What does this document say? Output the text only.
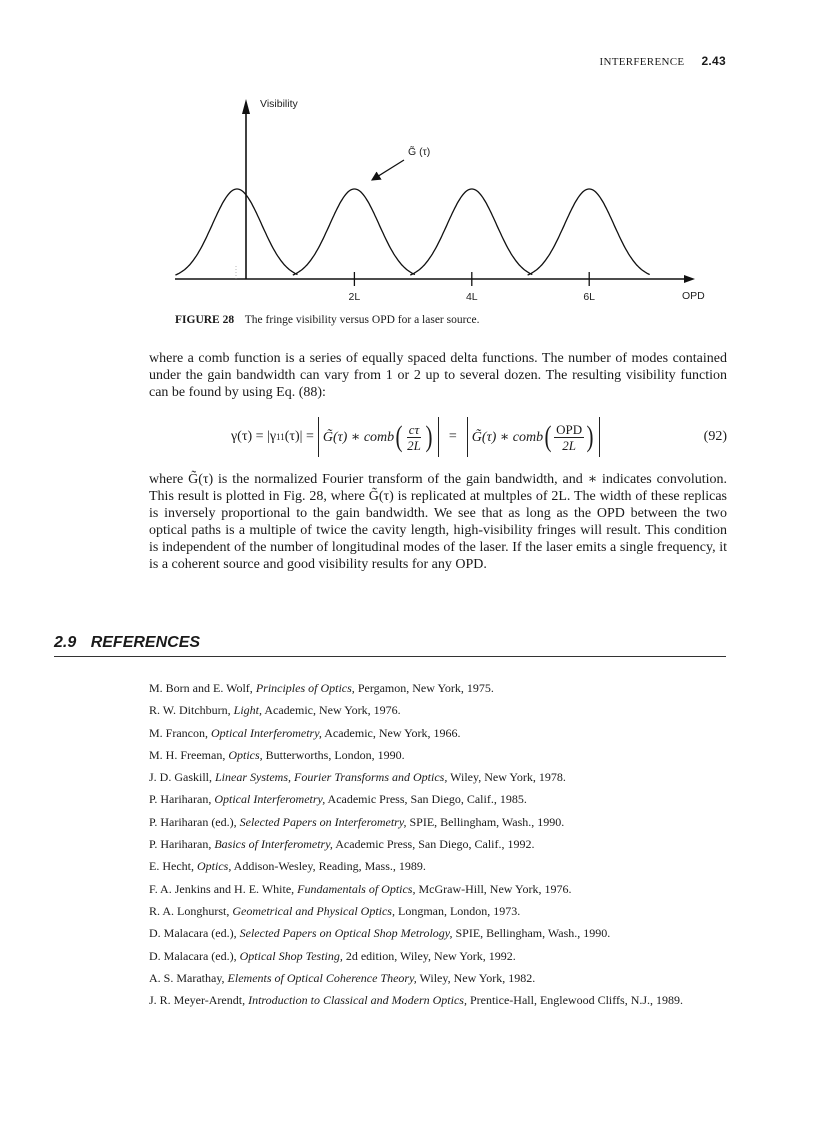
INTERFERENCE 2.43
Visibility
OPD
2L	4L	6L
G̃ (τ)
FIGURE 28 The fringe visibility versus OPD for a laser source.

where a comb function is a series of equally spaced delta functions. The number of modes contained under the gain bandwidth can vary from 1 or 2 up to several dozen. The resulting visibility function can be found by using Eq. (88):

γ(τ) = |γ 11 (τ)| = G̃(τ) ∗ comb ( $\frac{c\tau}{2L}$ ) = G̃(τ) ∗ comb ( $\frac{\text{OPD}}{2L}$ )	(92)

where G̃(τ) is the normalized Fourier transform of the gain bandwidth, and ∗ indicates convolution. This result is plotted in Fig. 28, where G̃(τ) is replicated at multples of 2L. The width of these replicas is inversely proportional to the gain bandwidth. We see that as long as the OPD between the two optical paths is a multiple of twice the cavity length, high-visibility fringes will result. This condition is independent of the number of longitudinal modes of the laser. If the laser emits a single frequency, it is a coherent source and good visibility results for any OPD.

2.9 REFERENCES
M. Born and E. Wolf, Principles of Optics, Pergamon, New York, 1975.
R. W. Ditchburn, Light, Academic, New York, 1976.
M. Francon, Optical Interferometry, Academic, New York, 1966.
M. H. Freeman, Optics, Butterworths, London, 1990.
J. D. Gaskill, Linear Systems, Fourier Transforms and Optics, Wiley, New York, 1978.
P. Hariharan, Optical Interferometry, Academic Press, San Diego, Calif., 1985.
P. Hariharan (ed.), Selected Papers on Interferometry, SPIE, Bellingham, Wash., 1990.
P. Hariharan, Basics of Interferometry, Academic Press, San Diego, Calif., 1992.
E. Hecht, Optics, Addison-Wesley, Reading, Mass., 1989.
F. A. Jenkins and H. E. White, Fundamentals of Optics, McGraw-Hill, New York, 1976.
R. A. Longhurst, Geometrical and Physical Optics, Longman, London, 1973.
D. Malacara (ed.), Selected Papers on Optical Shop Metrology, SPIE, Bellingham, Wash., 1990.
D. Malacara (ed.), Optical Shop Testing, 2d edition, Wiley, New York, 1992.
A. S. Marathay, Elements of Optical Coherence Theory, Wiley, New York, 1982.
J. R. Meyer-Arendt, Introduction to Classical and Modern Optics, Prentice-Hall, Englewood Cliffs, N.J., 1989.
